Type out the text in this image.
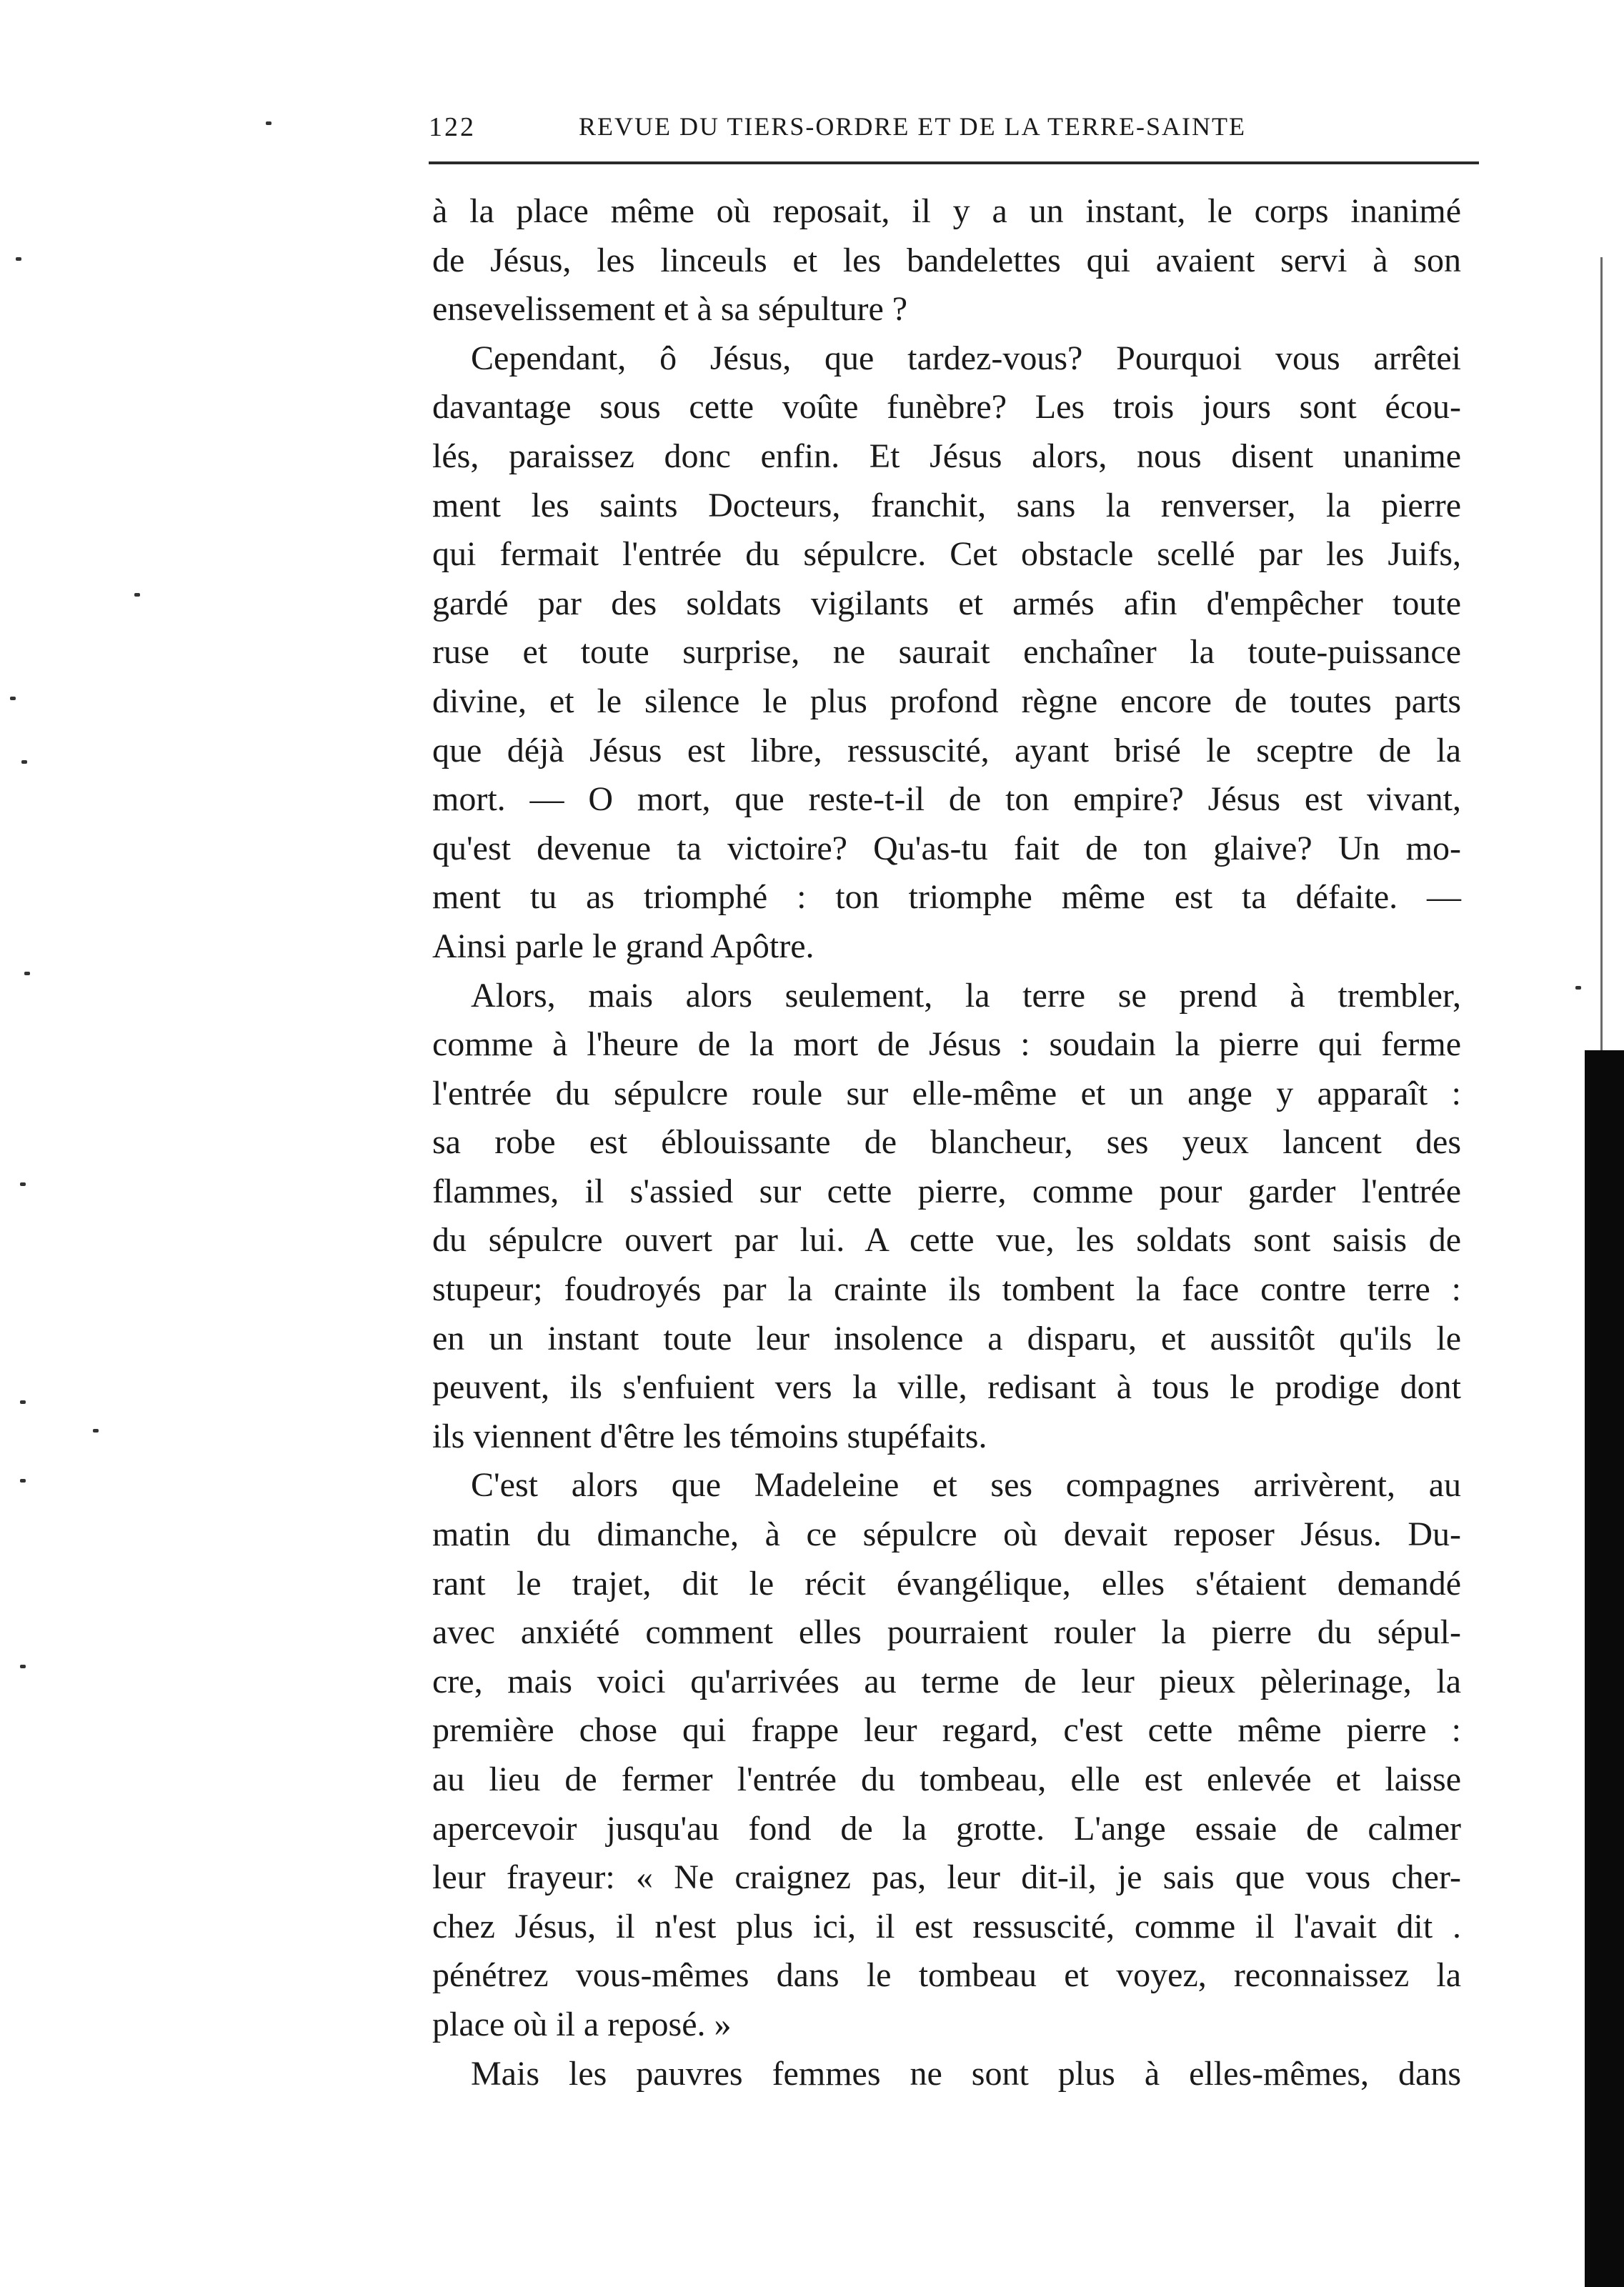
122	REVUE DU TIERS-ORDRE ET DE LA TERRE-SAINTE
à la place même où reposait, il y a un instant, le corps inanimé
de Jésus, les linceuls et les bandelettes qui avaient servi à son
ensevelissement et à sa sépulture ?
Cependant, ô Jésus, que tardez-vous? Pourquoi vous arrêtei
davantage sous cette voûte funèbre? Les trois jours sont écou-
lés, paraissez donc enfin. Et Jésus alors, nous disent unanime
ment les saints Docteurs, franchit, sans la renverser, la pierre
qui fermait l'entrée du sépulcre. Cet obstacle scellé par les Juifs,
gardé par des soldats vigilants et armés afin d'empêcher toute
ruse et toute surprise, ne saurait enchaîner la toute-puissance
divine, et le silence le plus profond règne encore de toutes parts
que déjà Jésus est libre, ressuscité, ayant brisé le sceptre de la
mort. — O mort, que reste-t-il de ton empire? Jésus est vivant,
qu'est devenue ta victoire? Qu'as-tu fait de ton glaive? Un mo-
ment tu as triomphé : ton triomphe même est ta défaite. —
Ainsi parle le grand Apôtre.
Alors, mais alors seulement, la terre se prend à trembler,
comme à l'heure de la mort de Jésus : soudain la pierre qui ferme
l'entrée du sépulcre roule sur elle-même et un ange y apparaît :
sa robe est éblouissante de blancheur, ses yeux lancent des
flammes, il s'assied sur cette pierre, comme pour garder l'entrée
du sépulcre ouvert par lui. A cette vue, les soldats sont saisis de
stupeur; foudroyés par la crainte ils tombent la face contre terre :
en un instant toute leur insolence a disparu, et aussitôt qu'ils le
peuvent, ils s'enfuient vers la ville, redisant à tous le prodige dont
ils viennent d'être les témoins stupéfaits.
C'est alors que Madeleine et ses compagnes arrivèrent, au
matin du dimanche, à ce sépulcre où devait reposer Jésus. Du-
rant le trajet, dit le récit évangélique, elles s'étaient demandé
avec anxiété comment elles pourraient rouler la pierre du sépul-
cre, mais voici qu'arrivées au terme de leur pieux pèlerinage, la
première chose qui frappe leur regard, c'est cette même pierre :
au lieu de fermer l'entrée du tombeau, elle est enlevée et laisse
apercevoir jusqu'au fond de la grotte. L'ange essaie de calmer
leur frayeur: « Ne craignez pas, leur dit-il, je sais que vous cher-
chez Jésus, il n'est plus ici, il est ressuscité, comme il l'avait dit .
pénétrez vous-mêmes dans le tombeau et voyez, reconnaissez la
place où il a reposé. »
Mais les pauvres femmes ne sont plus à elles-mêmes, dans
